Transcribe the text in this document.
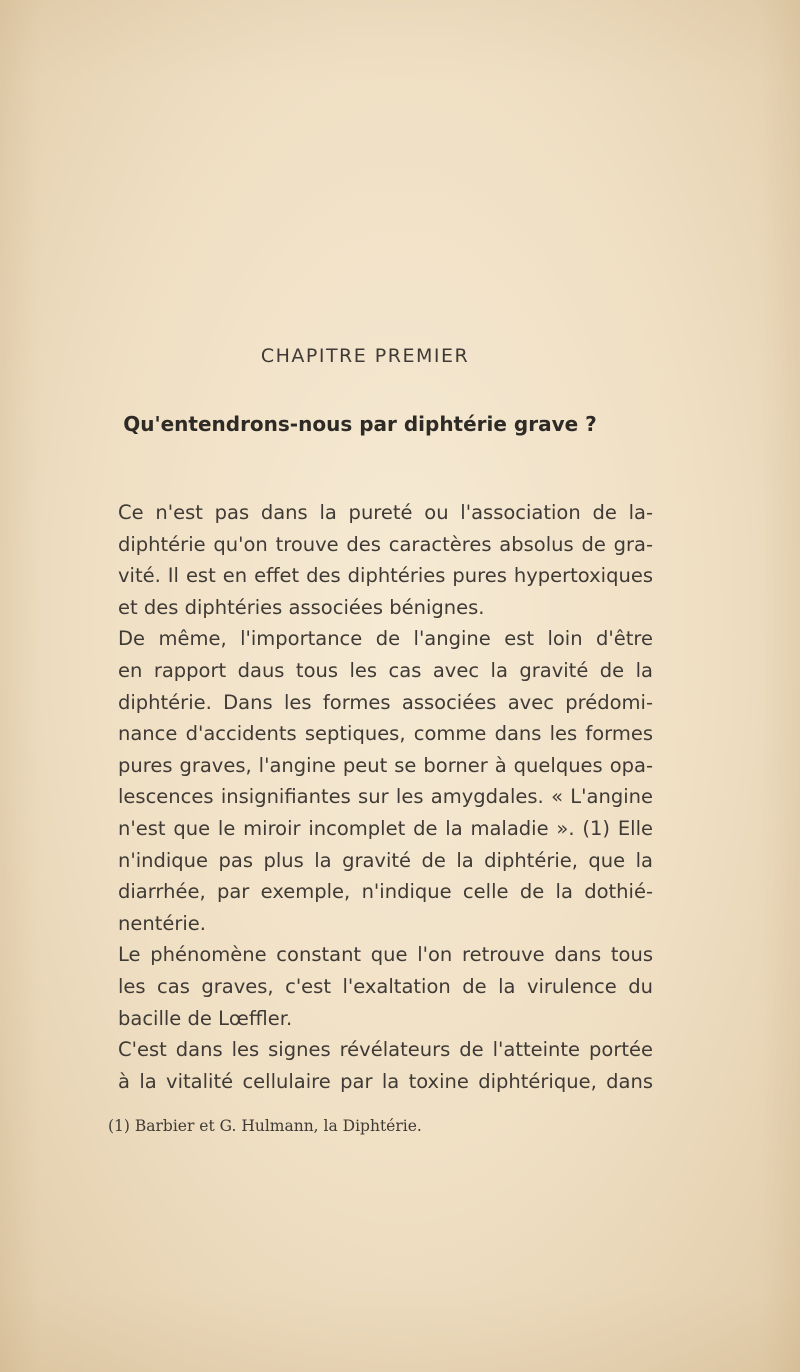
CHAPITRE PREMIER
Qu'entendrons-nous par diphtérie grave ?

Ce n'est pas dans la pureté ou l'association de la-
diphtérie qu'on trouve des caractères absolus de gra-
vité. Il est en effet des diphtéries pures hypertoxiques
et des diphtéries associées bénignes.

De même, l'importance de l'angine est loin d'être
en rapport daus tous les cas avec la gravité de la
diphtérie. Dans les formes associées avec prédomi-
nance d'accidents septiques, comme dans les formes
pures graves, l'angine peut se borner à quelques opa-
lescences insignifiantes sur les amygdales. « L'angine
n'est que le miroir incomplet de la maladie ». (1) Elle
n'indique pas plus la gravité de la diphtérie, que la
diarrhée, par exemple, n'indique celle de la dothié-
nentérie.

Le phénomène constant que l'on retrouve dans tous
les cas graves, c'est l'exaltation de la virulence du
bacille de Lœffler.

C'est dans les signes révélateurs de l'atteinte portée
à la vitalité cellulaire par la toxine diphtérique, dans

(1) Barbier et G. Hulmann, la Diphtérie.
